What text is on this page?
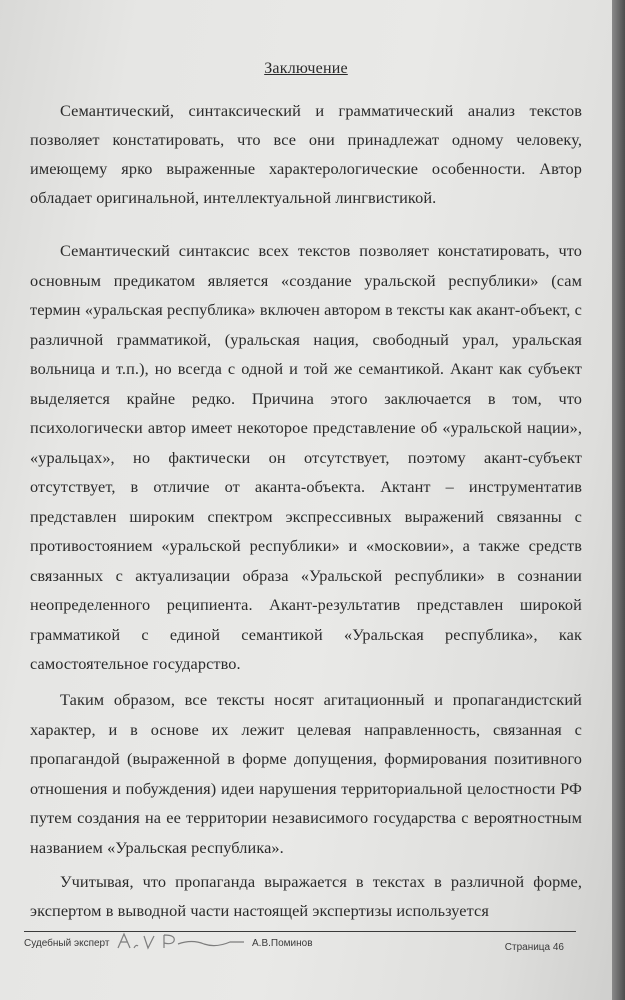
Заключение

Семантический, синтаксический и грамматический анализ текстов позволяет констатировать, что все они принадлежат одному человеку, имеющему ярко выраженные характерологические особенности. Автор обладает оригинальной, интеллектуальной лингвистикой.

Семантический синтаксис всех текстов позволяет констатировать, что основным предикатом является «создание уральской республики» (сам термин «уральская республика» включен автором в тексты как акант-объект, с различной грамматикой, (уральская нация, свободный урал, уральская вольница и т.п.), но всегда с одной и той же семантикой. Акант как субъект выделяется крайне редко. Причина этого заключается в том, что психологически автор имеет некоторое представление об «уральской нации», «уральцах», но фактически он отсутствует, поэтому акант-субъект отсутствует, в отличие от аканта-объекта. Актант – инструментатив представлен широким спектром экспрессивных выражений связанны с противостоянием «уральской республики» и «московии», а также средств связанных с актуализации образа «Уральской республики» в сознании неопределенного реципиента. Акант-результатив представлен широкой грамматикой с единой семантикой «Уральская республика», как самостоятельное государство.

Таким образом, все тексты носят агитационный и пропагандистский характер, и в основе их лежит целевая направленность, связанная с пропагандой (выраженной в форме допущения, формирования позитивного отношения и побуждения) идеи нарушения территориальной целостности РФ путем создания на ее территории независимого государства с вероятностным названием «Уральская республика».

Учитывая, что пропаганда выражается в текстах в различной форме, экспертом в выводной части настоящей экспертизы используется

Судебный эксперт	А.В.Поминов	Страница 46
